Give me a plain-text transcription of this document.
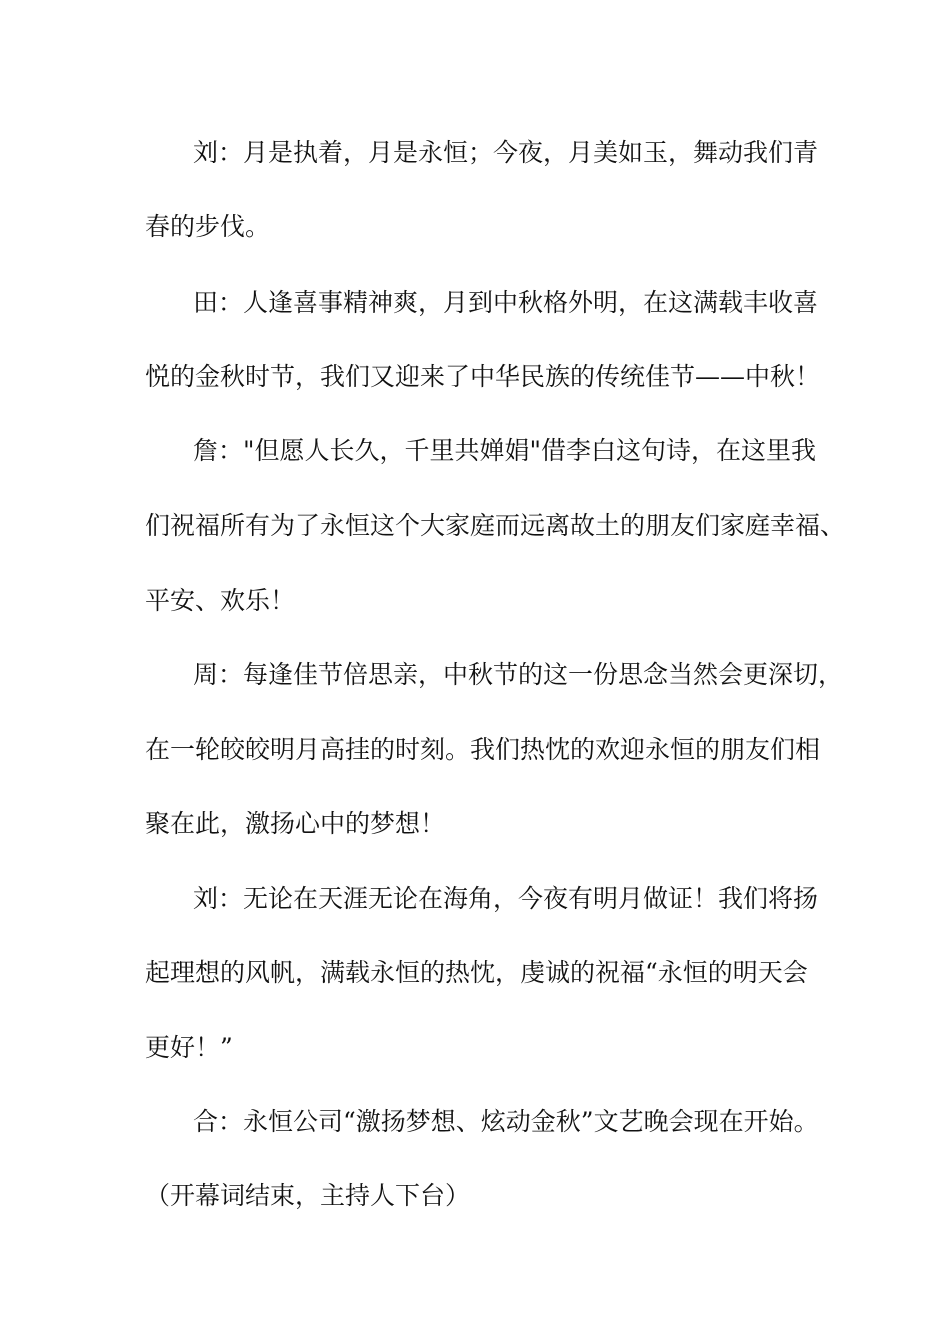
刘：月是执着，月是永恒；今夜，月美如玉，舞动我们青
春的步伐。
田：人逢喜事精神爽，月到中秋格外明，在这满载丰收喜
悦的金秋时节，我们又迎来了中华民族的传统佳节——中秋！
詹："但愿人长久，千里共婵娟"借李白这句诗，在这里我
们祝福所有为了永恒这个大家庭而远离故土的朋友们家庭幸福、
平安、欢乐！
周：每逢佳节倍思亲，中秋节的这一份思念当然会更深切，
在一轮皎皎明月高挂的时刻。我们热忱的欢迎永恒的朋友们相
聚在此，激扬心中的梦想！
刘：无论在天涯无论在海角，今夜有明月做证！我们将扬
起理想的风帆，满载永恒的热忱，虔诚的祝福“永恒的明天会
更好！”
合：永恒公司“激扬梦想、炫动金秋”文艺晚会现在开始。
（开幕词结束，主持人下台）
